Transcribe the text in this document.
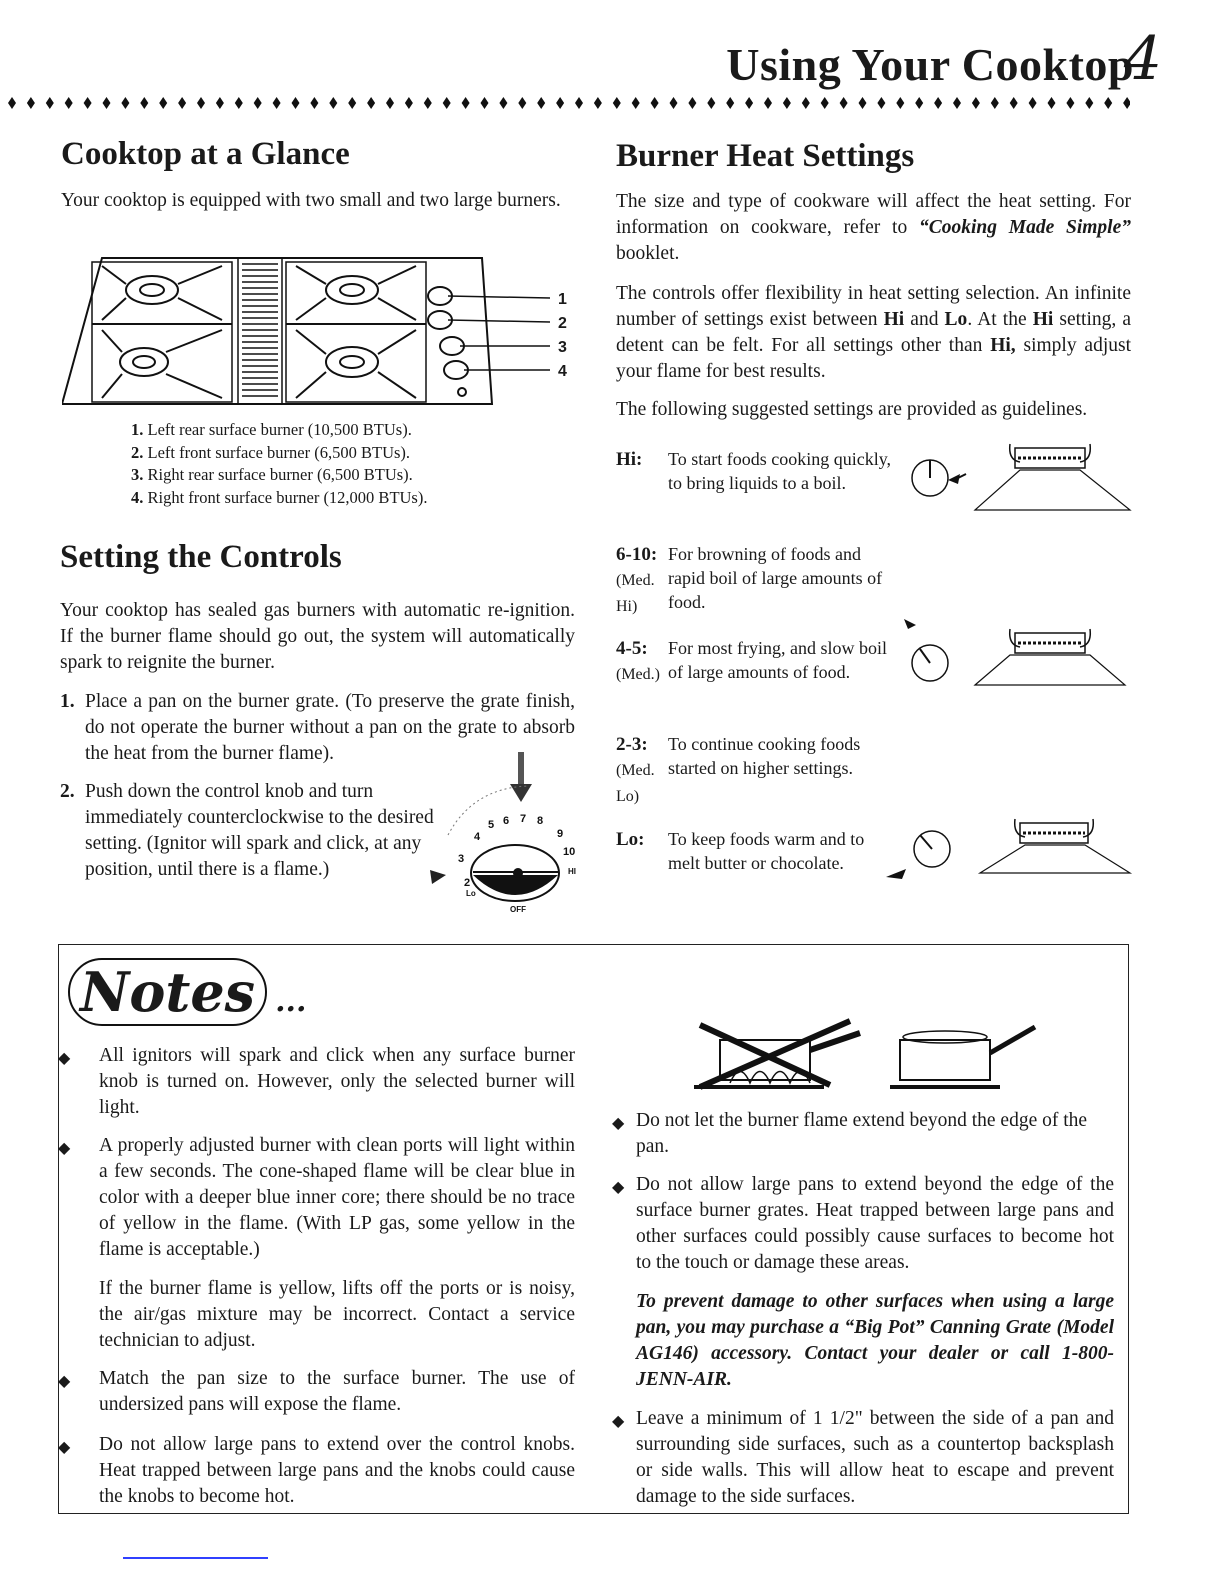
Using Your Cooktop
4
Cooktop at a Glance

Your cooktop is equipped with two small and two large burners.

1
2
3
4
1. Left rear surface burner (10,500 BTUs).
2. Left front surface burner (6,500 BTUs).
3. Right rear surface burner (6,500 BTUs).
4. Right front surface burner (12,000 BTUs).
Setting the Controls

Your cooktop has sealed gas burners with automatic re-ignition. If the burner flame should go out, the system will automatically spark to reignite the burner.

1. Place a pan on the burner grate. (To preserve the grate finish, do not operate the burner without a pan on the grate to absorb the heat from the burner flame).
2. Push down the control knob and turn immediately counterclockwise to the desired setting. (Ignitor will spark and click, at any position, until there is a flame.)
2
3
4
5 6 7 8
9
10
HI
Lo
OFF
Burner Heat Settings

The size and type of cookware will affect the heat setting. For information on cookware, refer to “Cooking Made Simple” booklet.

The controls offer flexibility in heat setting selection. An infinite number of settings exist between Hi and Lo. At the Hi setting, a detent can be felt. For all settings other than Hi, simply adjust your flame for best results.

The following suggested settings are provided as guidelines.

Hi:	To start foods cooking quickly, to bring liquids to a boil.
6-10:
(Med. Hi)
For browning of foods and rapid boil of large amounts of food.
4-5:
(Med.)
For most frying, and slow boil of large amounts of food.
2-3:
(Med. Lo)
To continue cooking foods started on higher settings.
Lo:	To keep foods warm and to melt butter or chocolate.
Notes ...
◆ All ignitors will spark and click when any surface burner knob is turned on. However, only the selected burner will light.
◆ A properly adjusted burner with clean ports will light within a few seconds. The cone-shaped flame will be clear blue in color with a deeper blue inner core; there should be no trace of yellow in the flame. (With LP gas, some yellow in the flame is acceptable.)
If the burner flame is yellow, lifts off the ports or is noisy, the air/gas mixture may be incorrect. Contact a service technician to adjust.
◆ Match the pan size to the surface burner. The use of undersized pans will expose the flame.
◆ Do not allow large pans to extend over the control knobs. Heat trapped between large pans and the knobs could cause the knobs to become hot.
◆ Do not let the burner flame extend beyond the edge of the pan.
◆ Do not allow large pans to extend beyond the edge of the surface burner grates. Heat trapped between large pans and other surfaces could possibly cause surfaces to become hot to the touch or damage these areas.
To prevent damage to other surfaces when using a large pan, you may purchase a “Big Pot” Canning Grate (Model AG146) accessory. Contact your dealer or call 1-800-JENN-AIR.
◆ Leave a minimum of 1 1/2" between the side of a pan and surrounding side surfaces, such as a countertop backsplash or side walls. This will allow heat to escape and prevent damage to the side surfaces.
